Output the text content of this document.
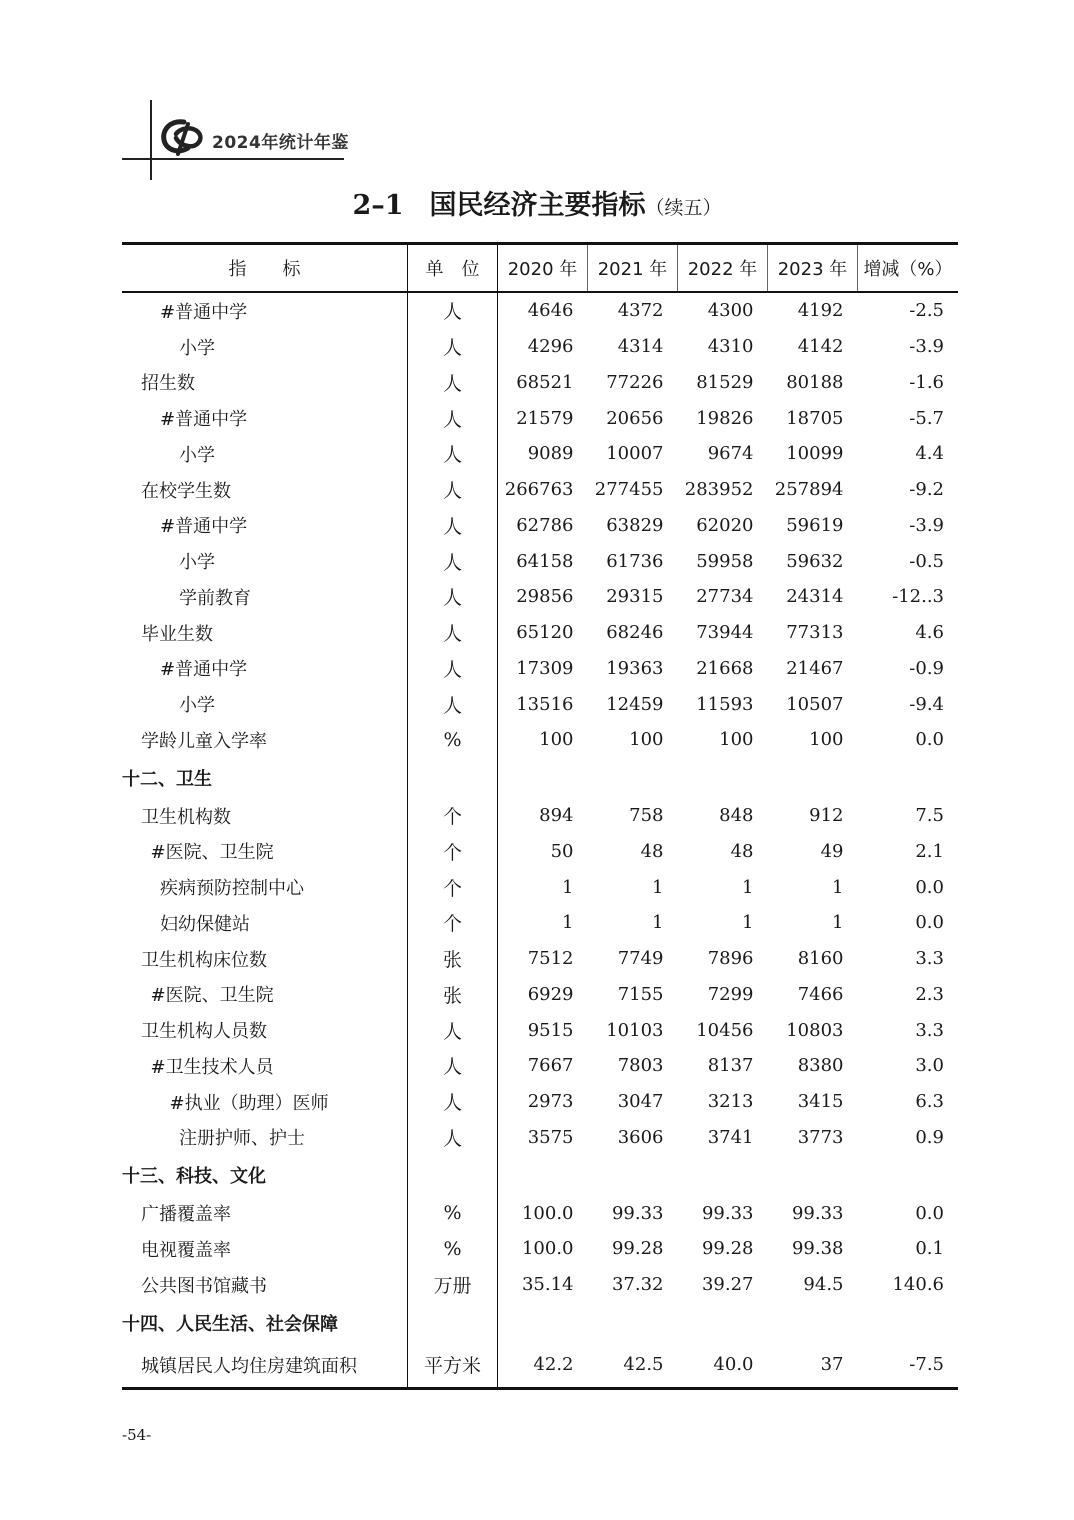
2024年统计年鉴
2–1 国民经济主要指标（续五）
指　　标	单　位	2020 年	2021 年	2022 年	2023 年	增减（%）
#普通中学	人	4646	4372	4300	4192	-2.5
小学	人	4296	4314	4310	4142	-3.9
招生数	人	68521	77226	81529	80188	-1.6
#普通中学	人	21579	20656	19826	18705	-5.7
小学	人	9089	10007	9674	10099	4.4
在校学生数	人	266763	277455	283952	257894	-9.2
#普通中学	人	62786	63829	62020	59619	-3.9
小学	人	64158	61736	59958	59632	-0.5
学前教育	人	29856	29315	27734	24314	-12..3
毕业生数	人	65120	68246	73944	77313	4.6
#普通中学	人	17309	19363	21668	21467	-0.9
小学	人	13516	12459	11593	10507	-9.4
学龄儿童入学率	%	100	100	100	100	0.0
十二、卫生						
卫生机构数	个	894	758	848	912	7.5
#医院、卫生院	个	50	48	48	49	2.1
疾病预防控制中心	个	1	1	1	1	0.0
妇幼保健站	个	1	1	1	1	0.0
卫生机构床位数	张	7512	7749	7896	8160	3.3
#医院、卫生院	张	6929	7155	7299	7466	2.3
卫生机构人员数	人	9515	10103	10456	10803	3.3
#卫生技术人员	人	7667	7803	8137	8380	3.0
#执业（助理）医师	人	2973	3047	3213	3415	6.3
注册护师、护士	人	3575	3606	3741	3773	0.9
十三、科技、文化						
广播覆盖率	%	100.0	99.33	99.33	99.33	0.0
电视覆盖率	%	100.0	99.28	99.28	99.38	0.1
公共图书馆藏书	万册	35.14	37.32	39.27	94.5	140.6
十四、人民生活、社会保障						
城镇居民人均住房建筑面积	平方米	42.2	42.5	40.0	37	-7.5
-54-
